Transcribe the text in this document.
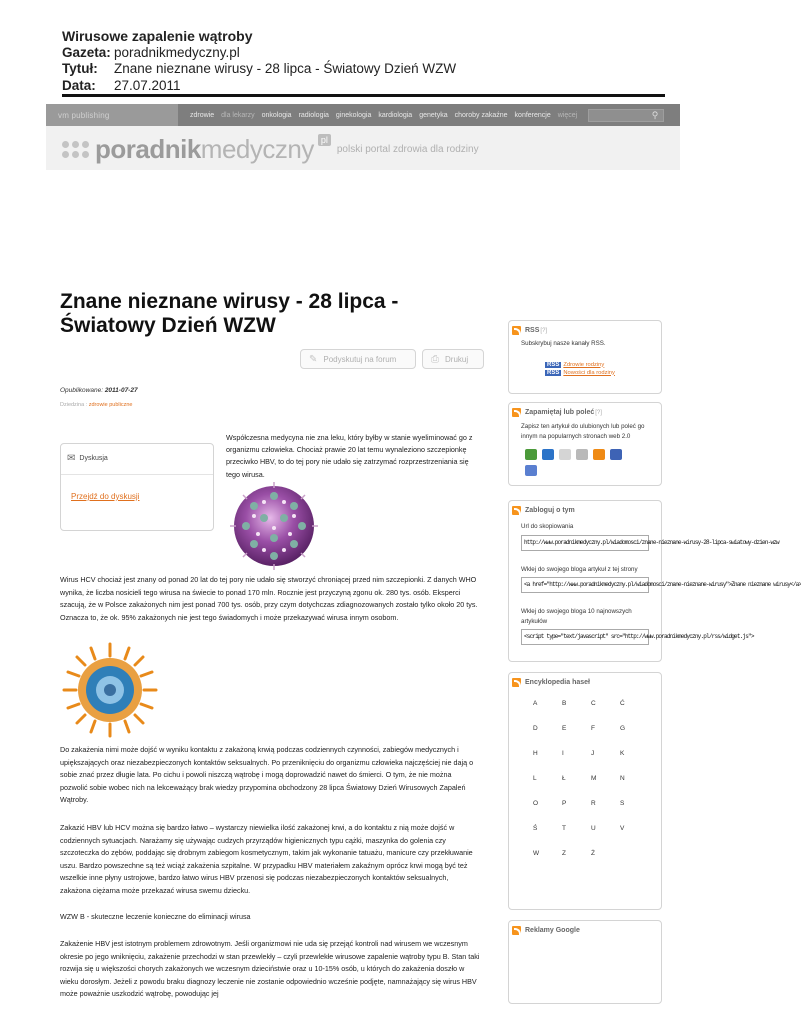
Wirusowe zapalenie wątroby
Gazeta: poradnikmedyczny.pl
Tytuł:	Znane nieznane wirusy - 28 lipca - Światowy Dzień WZW
Data:	27.07.2011
vm publishing	zdrowie dla lekarzy onkologia radiologia ginekologia kardiologia genetyka choroby zakaźne konferencje więcej	⚲
poradnik medyczny pl
polski portal zdrowia dla rodziny
Znane nieznane wirusy - 28 lipca - Światowy Dzień WZW
✎ Podyskutuj na forum	⎙ Drukuj
Opublikowane: 2011-07-27
Dziedzina : zdrowie publiczne
✉ Dyskusja
Przejdź do dyskusji

Współczesna medycyna nie zna leku, który byłby w stanie wyeliminować go z organizmu człowieka. Chociaż prawie 20 lat temu wynaleziono szczepionkę przeciwko HBV, to do tej pory nie udało się zatrzymać rozprzestrzeniania się tego wirusa.

Wirus HCV chociaż jest znany od ponad 20 lat do tej pory nie udało się stworzyć chroniącej przed nim szczepionki. Z danych WHO wynika, że liczba nosicieli tego wirusa na świecie to ponad 170 mln. Rocznie jest przyczyną zgonu ok. 280 tys. osób. Eksperci szacują, że w Polsce zakażonych nim jest ponad 700 tys. osób, przy czym dotychczas zdiagnozowanych zostało tylko około 20 tys. Oznacza to, że ok. 95% zakażonych nie jest tego świadomych i może przekazywać wirusa innym osobom.

Do zakażenia nimi może dojść w wyniku kontaktu z zakażoną krwią podczas codziennych czynności, zabiegów medycznych i upiększających oraz niezabezpieczonych kontaktów seksualnych. Po przeniknięciu do organizmu człowieka najczęściej nie dają o sobie znać przez długie lata. Po cichu i powoli niszczą wątrobę i mogą doprowadzić nawet do śmierci. O tym, że nie można pozwolić sobie wobec nich na lekceważący brak wiedzy przypomina obchodzony 28 lipca Światowy Dzień Wirusowych Zapaleń Wątroby.

Zakazić HBV lub HCV można się bardzo łatwo – wystarczy niewielka ilość zakażonej krwi, a do kontaktu z nią może dojść w codziennych sytuacjach. Narażamy się używając cudzych przyrządów higienicznych typu cążki, maszynka do golenia czy szczoteczka do zębów, poddając się drobnym zabiegom kosmetycznym, takim jak wykonanie tatuażu, manicure czy przekłuwanie uszu. Bardzo powszechne są też wciąż zakażenia szpitalne. W przypadku HBV materiałem zakaźnym oprócz krwi mogą być też wszelkie inne płyny ustrojowe, bardzo łatwo wirus HBV przenosi się podczas niezabezpieczonych kontaktów seksualnych, zakażona ciężarna może przekazać wirusa swemu dziecku.

WZW B - skuteczne leczenie konieczne do eliminacji wirusa

Zakażenie HBV jest istotnym problemem zdrowotnym. Jeśli organizmowi nie uda się przejąć kontroli nad wirusem we wczesnym okresie po jego wniknięciu, zakażenie przechodzi w stan przewlekły – czyli przewlekłe wirusowe zapalenie wątroby typu B. Stan taki rozwija się u większości chorych zakażonych we wczesnym dzieciństwie oraz u 10-15% osób, u których do zakażenia doszło w wieku dorosłym. Jeżeli z powodu braku diagnozy leczenie nie zostanie odpowiednio wcześnie podjęte, namnażający się wirus HBV może poważnie uszkodzić wątrobę, powodując jej

RSS [?]
Subskrybuj nasze kanały RSS.
RSS Zdrowie rodziny
RSS Nowości dla rodziny
Zapamiętaj lub poleć [?]
Zapisz ten artykuł do ulubionych lub poleć go innym na popularnych stronach web 2.0
Zabloguj o tym
Url do skopiowania
http://www.poradnikmedyczny.pl/wiadomosci/znane-nieznane-wirusy-28-lipca-swiatowy-dzien-wzw
Wklej do swojego bloga artykuł z tej strony
<a href="http://www.poradnikmedyczny.pl/wiadomosci/znane-nieznane-wirusy">Znane nieznane wirusy</a>
Wklej do swojego bloga 10 najnowszych artykułów
<script type="text/javascript" src="http://www.poradnikmedyczny.pl/rss/widget.js">
Encyklopedia haseł
A	B	C	Ć
D	E	F	G
H	I	J	K
L	Ł	M	N
O	P	R	S
Ś	T	U	V
W	Z	Ż
Reklamy Google
